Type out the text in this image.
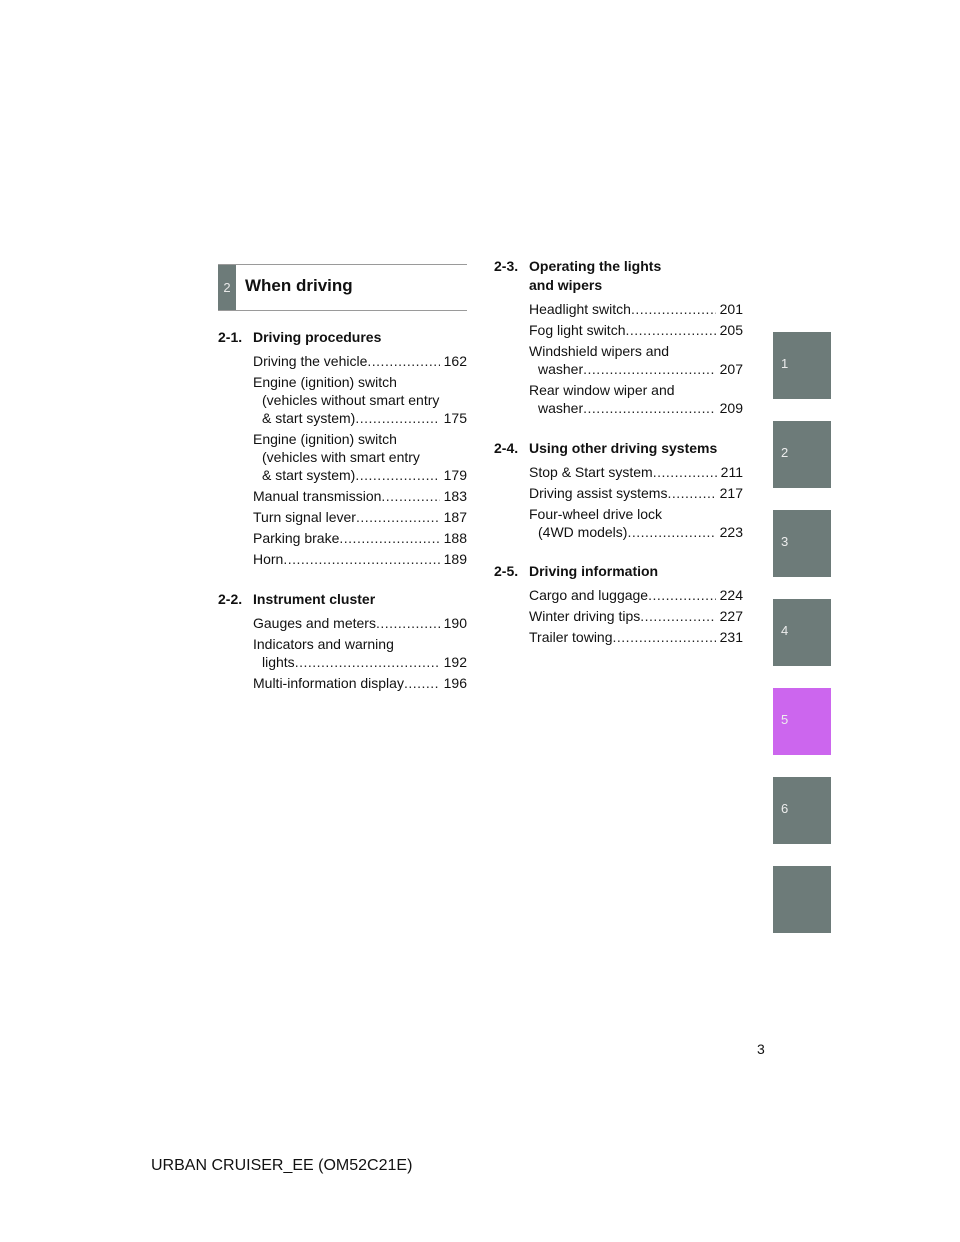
2 When driving
2-1. Driving procedures
Driving the vehicle .....	162
Engine (ignition) switch
(vehicles without smart entry
& start system) .....	175
Engine (ignition) switch
(vehicles with smart entry
& start system) .....	179
Manual transmission .....	183
Turn signal lever .....	187
Parking brake .....	188
Horn .....	189
2-2. Instrument cluster
Gauges and meters .....	190
Indicators and warning
lights .....	192
Multi-information display .....	196
2-3. Operating the lights
and wipers
Headlight switch .....	201
Fog light switch .....	205
Windshield wipers and
washer .....	207
Rear window wiper and
washer .....	209
2-4. Using other driving systems
Stop & Start system .....	211
Driving assist systems .....	217
Four-wheel drive lock
(4WD models) .....	223
2-5. Driving information
Cargo and luggage .....	224
Winter driving tips .....	227
Trailer towing .....	231
1
2
3
4
5
6
3
URBAN CRUISER_EE (OM52C21E)
